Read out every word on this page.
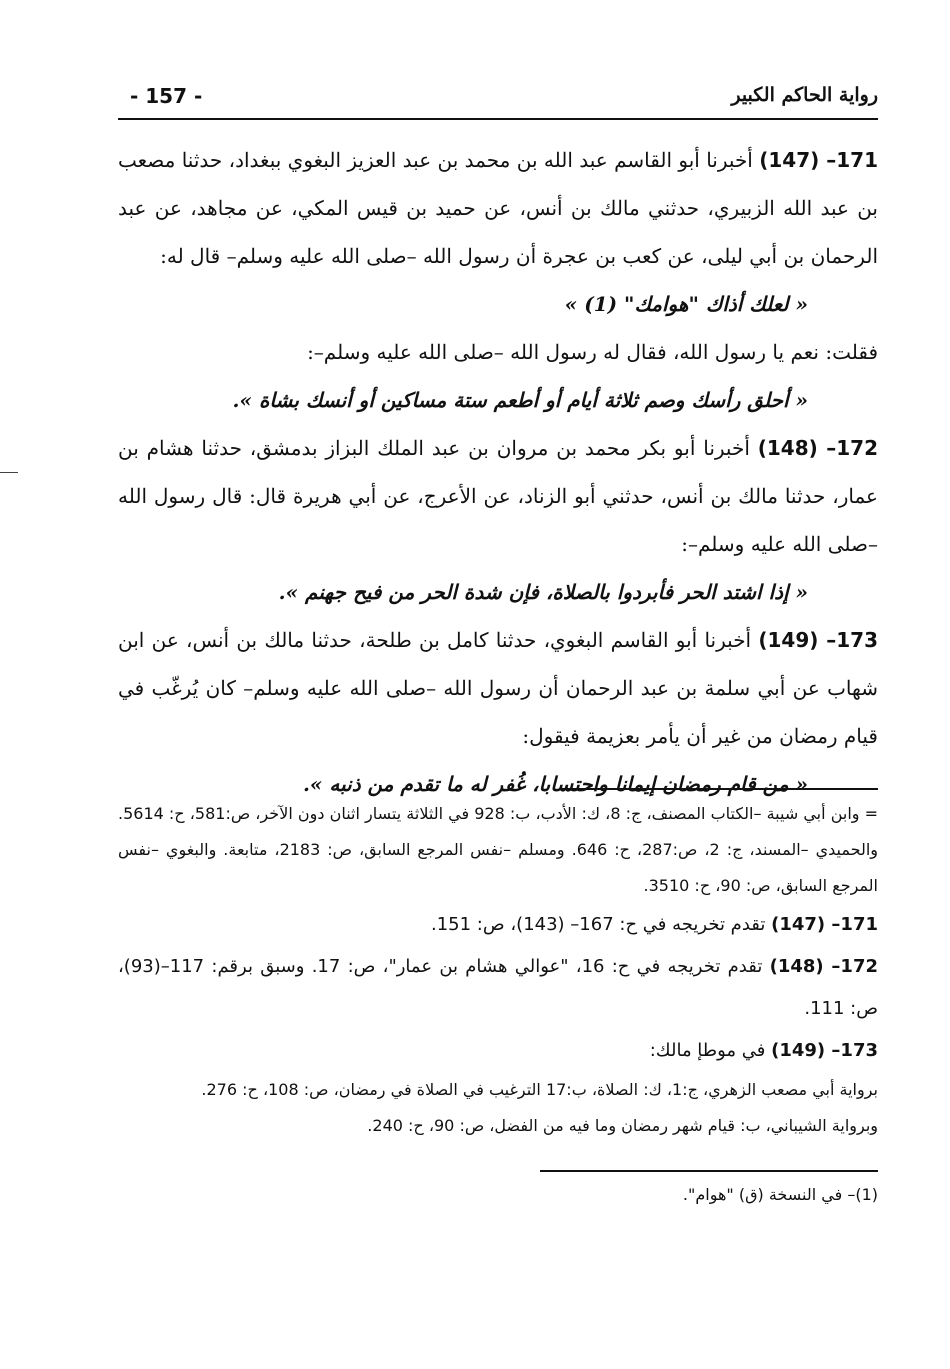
- 157 -	رواية الحاكم الكبير

171– (147) أخبرنا أبو القاسم عبد الله بن محمد بن عبد العزيز البغوي ببغداد، حدثنا مصعب بن عبد الله الزبيري، حدثني مالك بن أنس، عن حميد بن قيس المكي، عن مجاهد، عن عبد الرحمان بن أبي ليلى، عن كعب بن عجرة أن رسول الله –صلى الله عليه وسلم– قال له:

« لعلك أذاك "هوامك" (1) »

فقلت: نعم يا رسول الله، فقال له رسول الله –صلى الله عليه وسلم–:

« أحلق رأسك وصم ثلاثة أيام أو أطعم ستة مساكين أو أنسك بشاة ».

172– (148) أخبرنا أبو بكر محمد بن مروان بن عبد الملك البزاز بدمشق، حدثنا هشام بن عمار، حدثنا مالك بن أنس، حدثني أبو الزناد، عن الأعرج، عن أبي هريرة قال: قال رسول الله –صلى الله عليه وسلم–:

« إذا اشتد الحر فأبردوا بالصلاة، فإن شدة الحر من فيح جهنم ».

173– (149) أخبرنا أبو القاسم البغوي، حدثنا كامل بن طلحة، حدثنا مالك بن أنس، عن ابن شهاب عن أبي سلمة بن عبد الرحمان أن رسول الله –صلى الله عليه وسلم– كان يُرغّب في قيام رمضان من غير أن يأمر بعزيمة فيقول:

« من قام رمضان إيمانا واحتسابا، غُفر له ما تقدم من ذنبه ».

= وابن أبي شيبة –الكتاب المصنف، ج: 8، ك: الأدب، ب: 928 في الثلاثة يتسار اثنان دون الآخر، ص:581، ح: 5614. والحميدي –المسند، ج: 2، ص:287، ح: 646. ومسلم –نفس المرجع السابق، ص: 2183، متابعة. والبغوي –نفس المرجع السابق، ص: 90، ح: 3510.

171– (147) تقدم تخريجه في ح: 167– (143)، ص: 151.

172– (148) تقدم تخريجه في ح: 16، "عوالي هشام بن عمار"، ص: 17. وسبق برقم: 117–(93)، ص: 111.

173– (149) في موطإ مالك:

برواية أبي مصعب الزهري، ج:1، ك: الصلاة، ب:17 الترغيب في الصلاة في رمضان، ص: 108، ح: 276.

وبرواية الشيباني، ب: قيام شهر رمضان وما فيه من الفضل، ص: 90، ح: 240.

(1)– في النسخة (ق) "هوام".
